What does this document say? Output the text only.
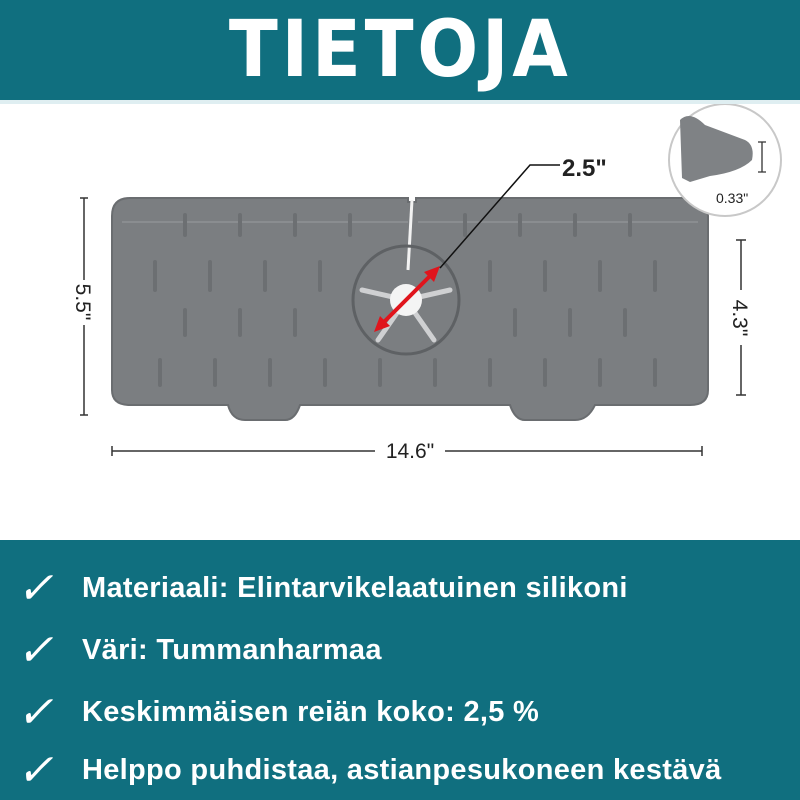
TIETOJA
2.5"
0.33"
5.5"	4.3"
14.6"
✓ Materiaali: Elintarvikelaatuinen silikoni
✓ Väri: Tummanharmaa
✓ Keskimmäisen reiän koko: 2,5 %
✓ Helppo puhdistaa, astianpesukoneen kestävä
